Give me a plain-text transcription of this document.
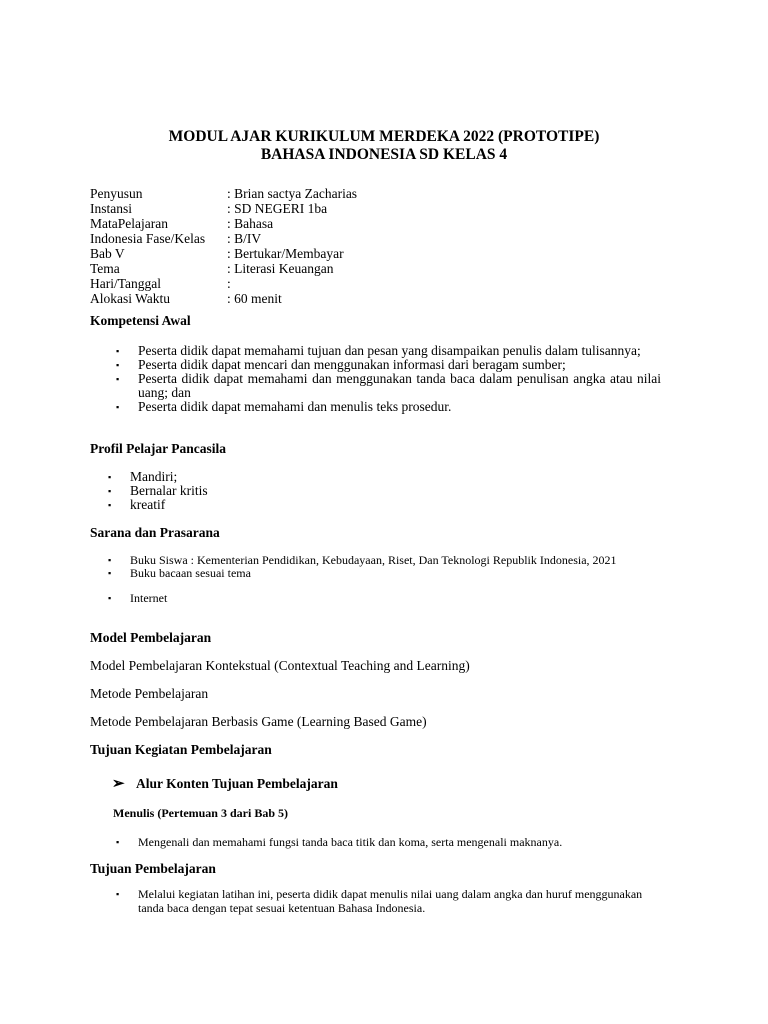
MODUL AJAR KURIKULUM MERDEKA 2022 (PROTOTIPE)
BAHASA INDONESIA SD KELAS 4
Penyusun	: Brian sactya Zacharias
Instansi	: SD NEGERI 1ba
MataPelajaran	: Bahasa
Indonesia Fase/Kelas	: B/IV
Bab V	: Bertukar/Membayar
Tema	: Literasi Keuangan
Hari/Tanggal	:
Alokasi Waktu	: 60 menit
Kompetensi Awal
▪ Peserta didik dapat memahami tujuan dan pesan yang disampaikan penulis dalam tulisannya;
▪ Peserta didik dapat mencari dan menggunakan informasi dari beragam sumber;
▪ Peserta didik dapat memahami dan menggunakan tanda baca dalam penulisan angka atau nilai uang; dan
▪ Peserta didik dapat memahami dan menulis teks prosedur.
Profil Pelajar Pancasila
▪ Mandiri;
▪ Bernalar kritis
▪ kreatif
Sarana dan Prasarana
▪ Buku Siswa : Kementerian Pendidikan, Kebudayaan, Riset, Dan Teknologi Republik Indonesia, 2021
▪ Buku bacaan sesuai tema
▪ Internet
Model Pembelajaran
Model Pembelajaran Kontekstual (Contextual Teaching and Learning)
Metode Pembelajaran
Metode Pembelajaran Berbasis Game (Learning Based Game)
Tujuan Kegiatan Pembelajaran
➢ Alur Konten Tujuan Pembelajaran
Menulis (Pertemuan 3 dari Bab 5)
▪ Mengenali dan memahami fungsi tanda baca titik dan koma, serta mengenali maknanya.
Tujuan Pembelajaran
▪ Melalui kegiatan latihan ini, peserta didik dapat menulis nilai uang dalam angka dan huruf menggunakan tanda baca dengan tepat sesuai ketentuan Bahasa Indonesia.
